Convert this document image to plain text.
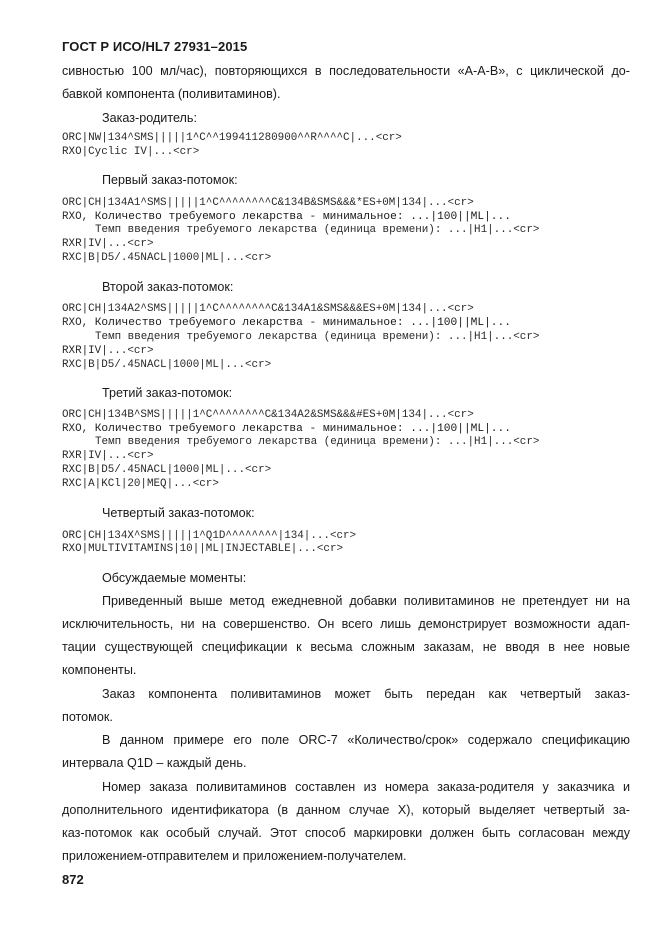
ГОСТ Р ИСО/HL7 27931–2015
сивностью 100 мл/час), повторяющихся в последовательности «A-A-B», с циклической до-
бавкой компонента (поливитаминов).
Заказ-родитель:
ORC|NW|134^SMS|||||1^C^^199411280900^^R^^^^C|...<cr>
RXO|Cyclic IV|...<cr>
Первый заказ-потомок:
ORC|CH|134A1^SMS|||||1^C^^^^^^^^C&134B&SMS&&&*ES+0M|134|...<cr>
RXO, Количество требуемого лекарства - минимальное: ...|100||ML|...
Темп введения требуемого лекарства (единица времени): ...|H1|...<cr>
RXR|IV|...<cr>
RXC|B|D5/.45NACL|1000|ML|...<cr>
Второй заказ-потомок:
ORC|CH|134A2^SMS|||||1^C^^^^^^^^C&134A1&SMS&&&ES+0M|134|...<cr>
RXO, Количество требуемого лекарства - минимальное: ...|100||ML|...
Темп введения требуемого лекарства (единица времени): ...|H1|...<cr>
RXR|IV|...<cr>
RXC|B|D5/.45NACL|1000|ML|...<cr>
Третий заказ-потомок:
ORC|CH|134B^SMS|||||1^C^^^^^^^^C&134A2&SMS&&&#ES+0M|134|...<cr>
RXO, Количество требуемого лекарства - минимальное: ...|100||ML|...
Темп введения требуемого лекарства (единица времени): ...|H1|...<cr>
RXR|IV|...<cr>
RXC|B|D5/.45NACL|1000|ML|...<cr>
RXC|A|KCl|20|MEQ|...<cr>
Четвертый заказ-потомок:
ORC|CH|134X^SMS|||||1^Q1D^^^^^^^^|134|...<cr>
RXO|MULTIVITAMINS|10||ML|INJECTABLE|...<cr>
Обсуждаемые моменты:
Приведенный выше метод ежедневной добавки поливитаминов не претендует ни на
исключительность, ни на совершенство. Он всего лишь демонстрирует возможности адап-
тации существующей спецификации к весьма сложным заказам, не вводя в нее новые
компоненты.
Заказ компонента поливитаминов может быть передан как четвертый заказ-
потомок.
В данном примере его поле ORC-7 «Количество/срок» содержало спецификацию
интервала Q1D – каждый день.
Номер заказа поливитаминов составлен из номера заказа-родителя у заказчика и
дополнительного идентификатора (в данном случае X), который выделяет четвертый за-
каз-потомок как особый случай. Этот способ маркировки должен быть согласован между
приложением-отправителем и приложением-получателем.
872
